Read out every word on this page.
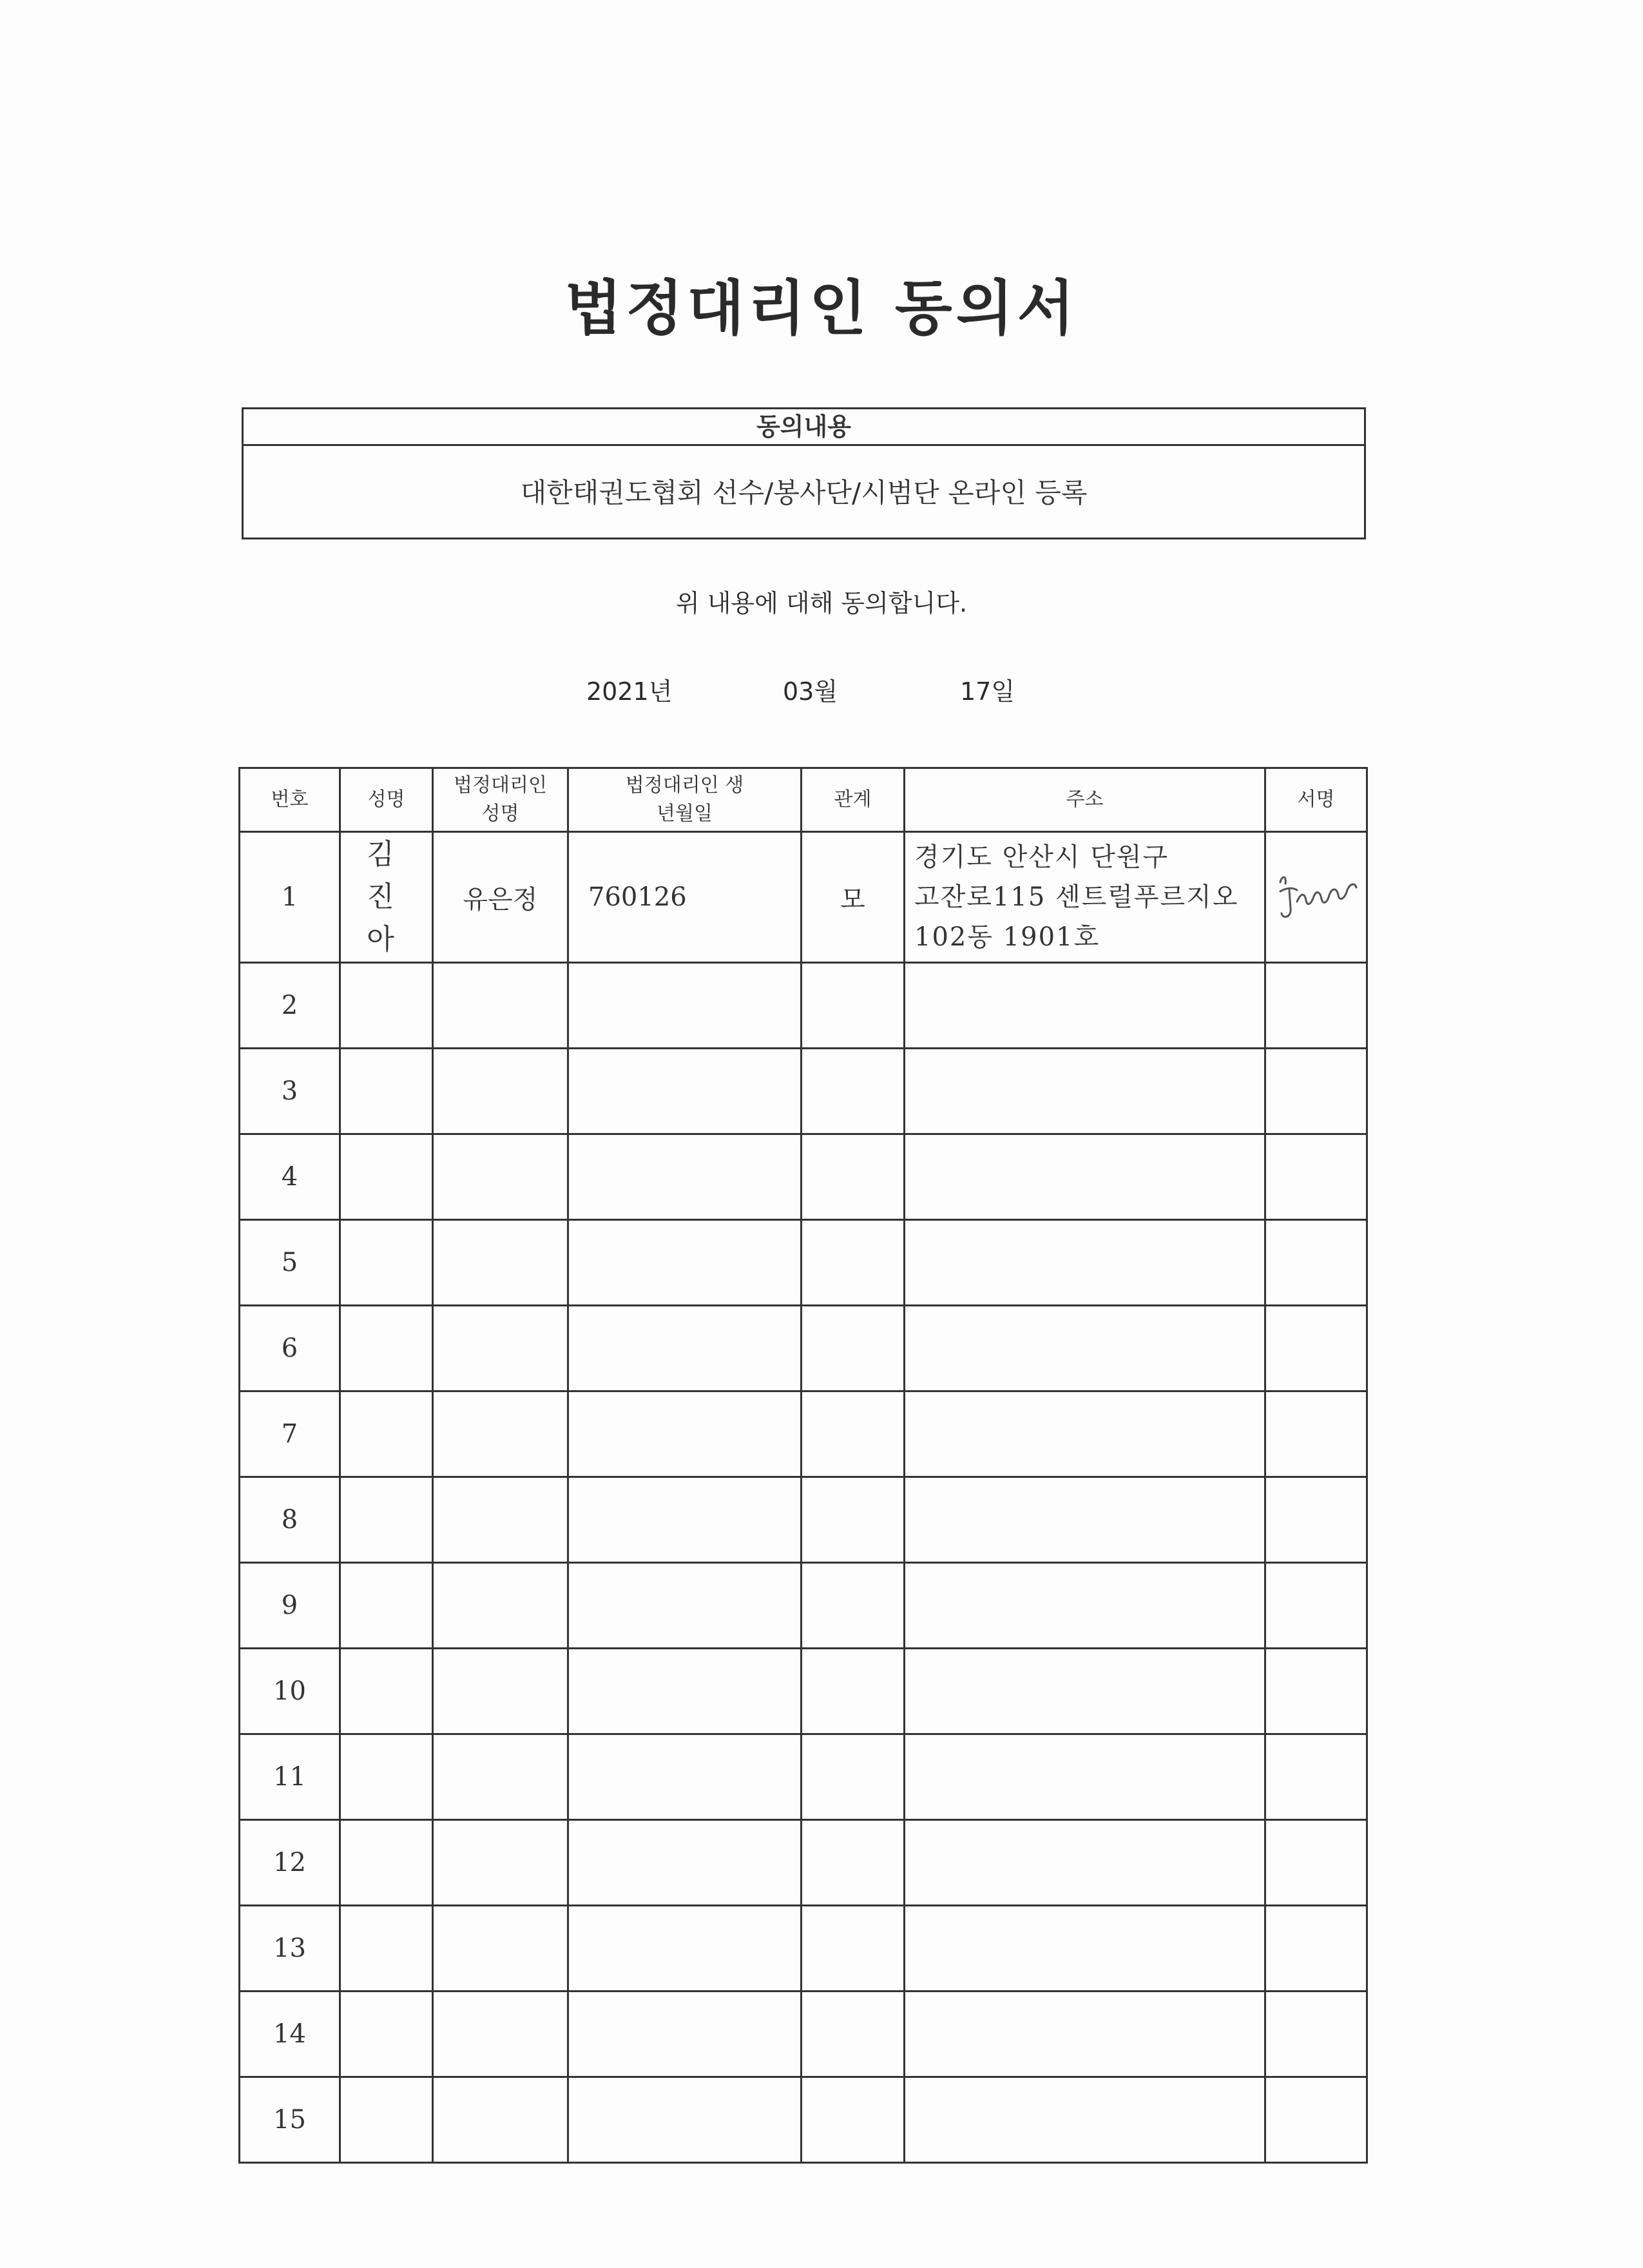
법정대리인 동의서
동의내용
대한태권도협회 선수/봉사단/시범단 온라인 등록
위 내용에 대해 동의합니다.
2021년	03월	17일
번호	성명	법정대리인 성명	법정대리인 생년월일	관계	주소	서명
1	김 진 아	유은정	760126	모	경기도 안산시 단원구 고잔로115 센트럴푸르지오 102동 1901호	

2						
3						
4						
5						
6						
7						
8						
9						
10						
11						
12						
13						
14						
15						
